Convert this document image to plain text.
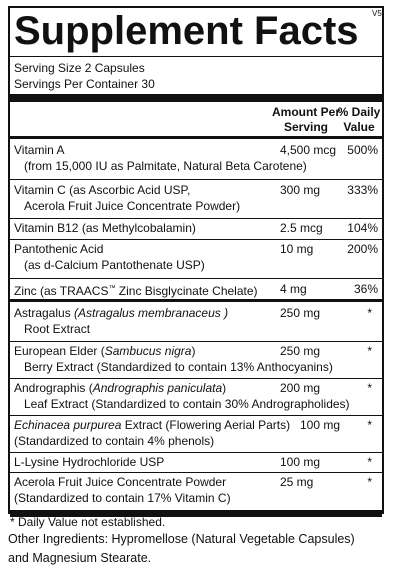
Supplement Facts V5
Serving Size 2 Capsules
Servings Per Container 30
Amount Per
Serving
% Daily
Value
Vitamin A
(from 15,000 IU as Palmitate, Natural Beta Carotene)
4,500 mcg 500%
Vitamin C (as Ascorbic Acid USP,
Acerola Fruit Juice Concentrate Powder)
300 mg	333%
Vitamin B12 (as Methylcobalamin)	2.5 mcg	104%
Pantothenic Acid
(as d-Calcium Pantothenate USP)
10 mg	200%
Zinc (as TRAACS™ Zinc Bisglycinate Chelate) 4 mg	36%
Astragalus (Astragalus membranaceus )
Root Extract
250 mg	*
European Elder (Sambucus nigra)
Berry Extract (Standardized to contain 13% Anthocyanins)
250 mg	*
Andrographis (Andrographis paniculata)
Leaf Extract (Standardized to contain 30% Andrographolides)
200 mg	*
Echinacea purpurea Extract (Flowering Aerial Parts)
(Standardized to contain 4% phenols)
100 mg	*
L-Lysine Hydrochloride USP	100 mg	*
Acerola Fruit Juice Concentrate Powder
(Standardized to contain 17% Vitamin C)
25 mg	*
* Daily Value not established.
Other Ingredients: Hypromellose (Natural Vegetable Capsules)
and Magnesium Stearate.
